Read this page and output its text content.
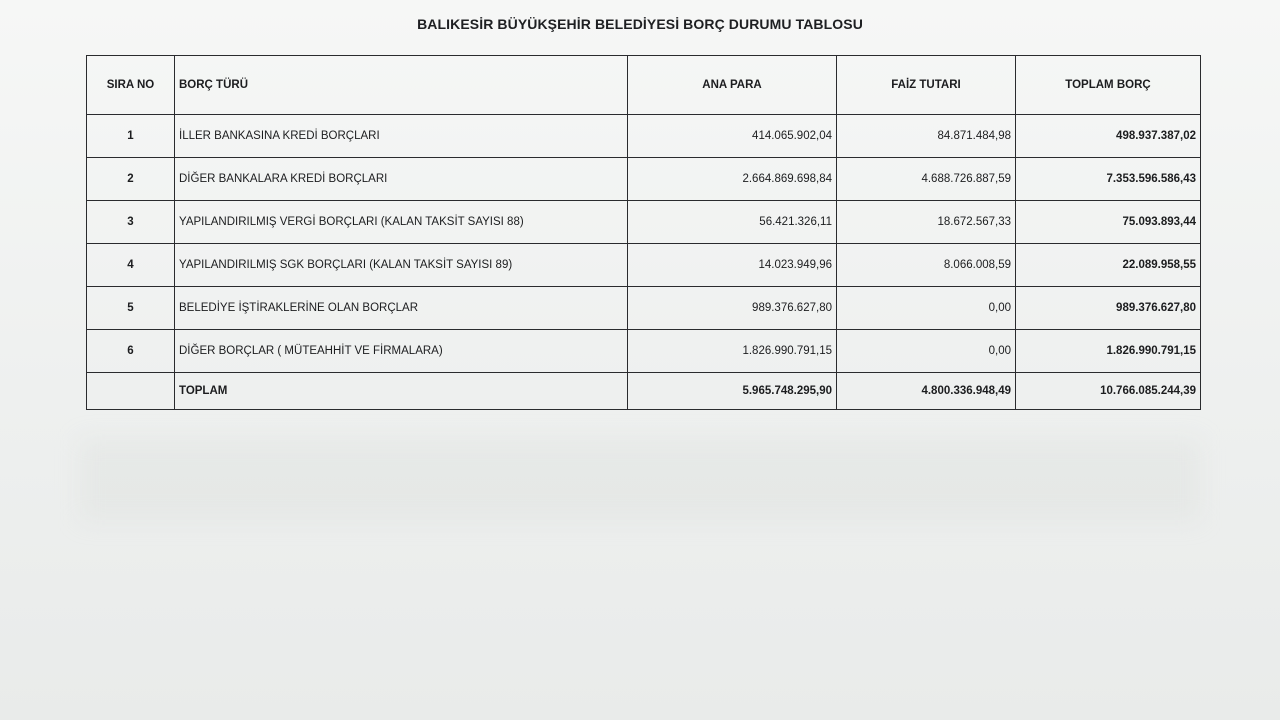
BALIKESİR BÜYÜKŞEHİR BELEDİYESİ BORÇ DURUMU TABLOSU
SIRA NO	BORÇ TÜRÜ	ANA PARA	FAİZ TUTARI	TOPLAM BORÇ
1	İLLER BANKASINA KREDİ BORÇLARI	414.065.902,04	84.871.484,98	498.937.387,02
2	DİĞER BANKALARA KREDİ BORÇLARI	2.664.869.698,84	4.688.726.887,59	7.353.596.586,43
3	YAPILANDIRILMIŞ VERGİ BORÇLARI (KALAN TAKSİT SAYISI 88)	56.421.326,11	18.672.567,33	75.093.893,44
4	YAPILANDIRILMIŞ SGK BORÇLARI (KALAN TAKSİT SAYISI 89)	14.023.949,96	8.066.008,59	22.089.958,55
5	BELEDİYE İŞTİRAKLERİNE OLAN BORÇLAR	989.376.627,80	0,00	989.376.627,80
6	DİĞER BORÇLAR ( MÜTEAHHİT VE FİRMALARA)	1.826.990.791,15	0,00	1.826.990.791,15
	TOPLAM	5.965.748.295,90	4.800.336.948,49	10.766.085.244,39
